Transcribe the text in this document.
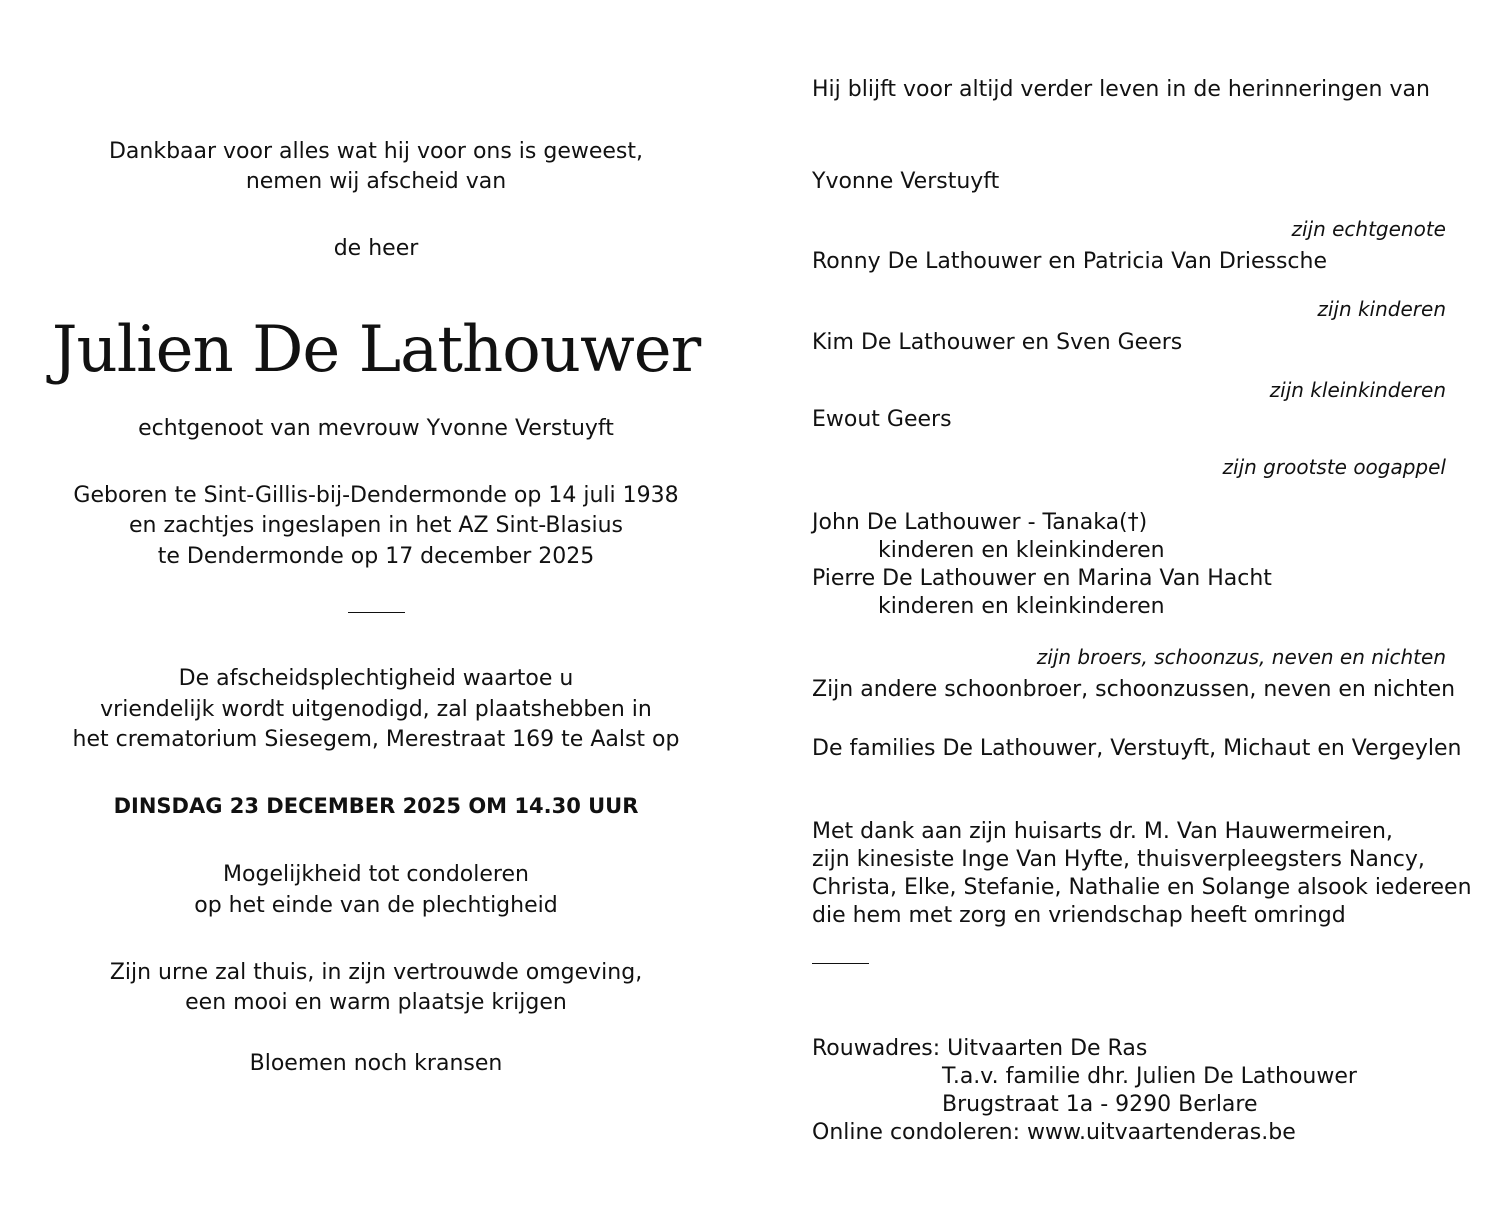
Dankbaar voor alles wat hij voor ons is geweest,

nemen wij afscheid van

de heer

Julien De Lathouwer

echtgenoot van mevrouw Yvonne Verstuyft

Geboren te Sint-Gillis-bij-Dendermonde op 14 juli 1938

en zachtjes ingeslapen in het AZ Sint-Blasius

te Dendermonde op 17 december 2025

De afscheidsplechtigheid waartoe u

vriendelijk wordt uitgenodigd, zal plaatshebben in

het crematorium Siesegem, Merestraat 169 te Aalst op

DINSDAG 23 DECEMBER 2025 OM 14.30 UUR

Mogelijkheid tot condoleren

op het einde van de plechtigheid

Zijn urne zal thuis, in zijn vertrouwde omgeving,

een mooi en warm plaatsje krijgen

Bloemen noch kransen

Hij blijft voor altijd verder leven in de herinneringen van

Yvonne Verstuyft

zijn echtgenote

Ronny De Lathouwer en Patricia Van Driessche

zijn kinderen

Kim De Lathouwer en Sven Geers

zijn kleinkinderen

Ewout Geers

zijn grootste oogappel

John De Lathouwer - Tanaka(†)

kinderen en kleinkinderen

Pierre De Lathouwer en Marina Van Hacht

kinderen en kleinkinderen

zijn broers, schoonzus, neven en nichten

Zijn andere schoonbroer, schoonzussen, neven en nichten

De families De Lathouwer, Verstuyft, Michaut en Vergeylen

Met dank aan zijn huisarts dr. M. Van Hauwermeiren,

zijn kinesiste Inge Van Hyfte, thuisverpleegsters Nancy,

Christa, Elke, Stefanie, Nathalie en Solange alsook iedereen

die hem met zorg en vriendschap heeft omringd

Rouwadres: Uitvaarten De Ras

T.a.v. familie dhr. Julien De Lathouwer

Brugstraat 1a - 9290 Berlare

Online condoleren: www.uitvaartenderas.be
